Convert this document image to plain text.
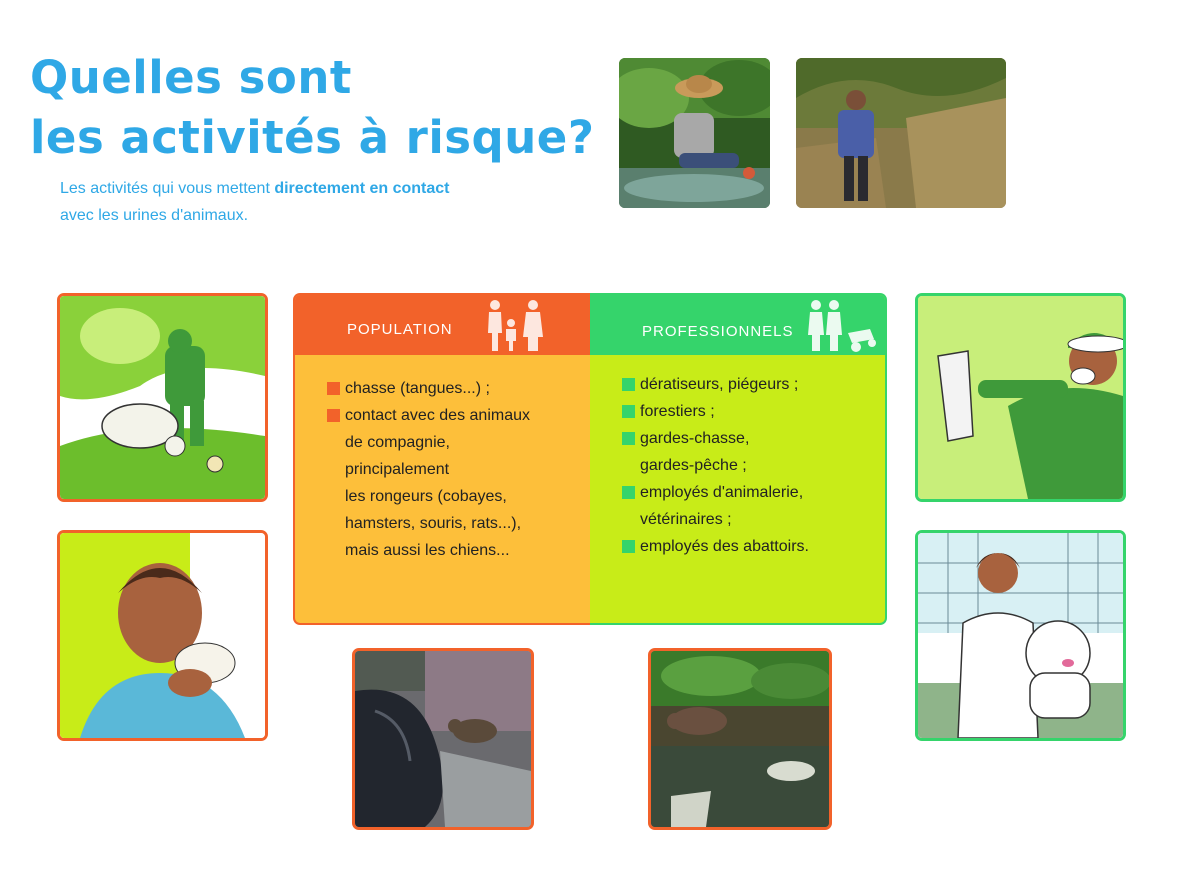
Quelles sont
les activités à risque?
Les activités qui vous mettent directement en contact
avec les urines d'animaux.
POPULATION
chasse (tangues...) ;
contact avec des animaux
de compagnie,
principalement
les rongeurs (cobayes,
hamsters, souris, rats...),
mais aussi les chiens...
PROFESSIONNELS
dératiseurs, piégeurs ;
forestiers ;
gardes-chasse,
gardes-pêche ;
employés d'animalerie,
vétérinaires ;
employés des abattoirs.
